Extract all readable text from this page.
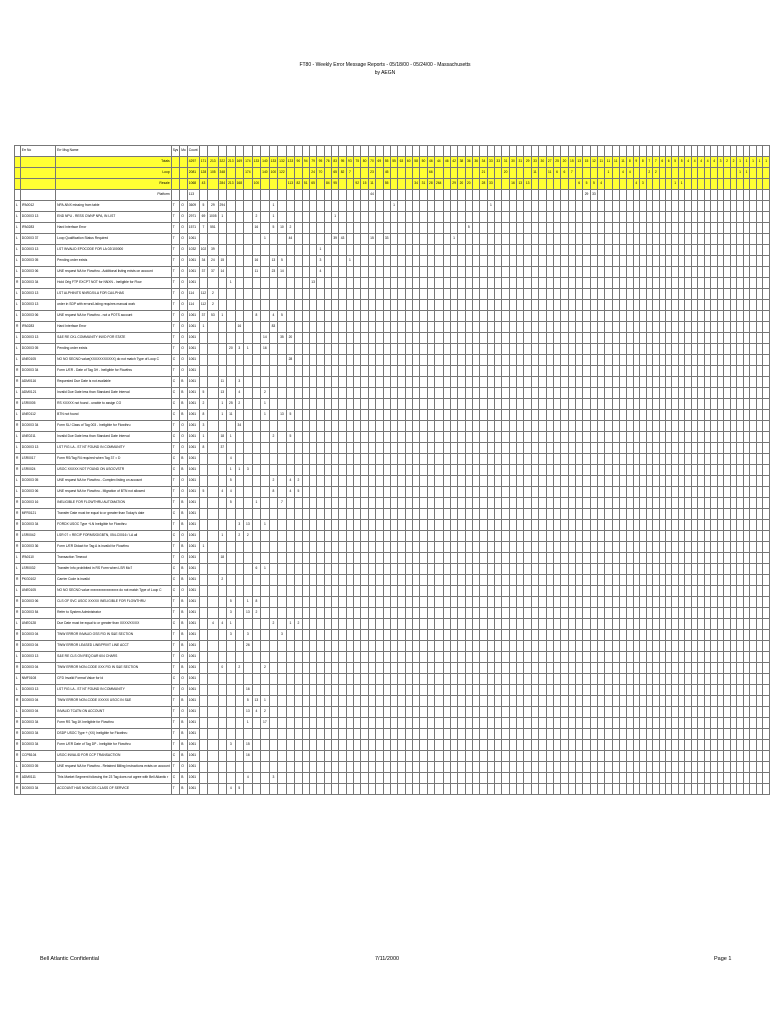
FT80 - Weekly Error Message Reports - 05/18/00 - 05/24/00 - Massachusetts
by AEGN
	Err No	Err Msg Name	Sys	Mo	Count																																																																														
		Totals			4297	171	213	322	213	169	174	133	140	133	132	133	90	94	79	95	76	83	95	93	75	80	70	69	55	55	63	60	58	50	46	44	46	42	38	36	36	34	33	33	31	30	31	29	33	30	27	25	20	15	13	15	12	11	11	11	11	8	9	8	7	7	6	6	5	5	4	4	4	4	4	3	2	2	1	1	1	1	1
		Loop			2081	128	105	348			174		140	100	122				24	70		65	82	7			23		45						66							21			20				11		11	6	6	7					1		4	4			2	2													1	1			
		Resale			1068	43		284	213	168		100				113	82	51	65		84	95			92	15	11		55				34	31	28	264		29	20	20		28	33			16	13	13							6	5	5	4					4	3					1	1													
		Platform			113																						44																													29	33																										
L	IPA0012	NPA-NNX missing from table	T	O	3609	5	29	294						1																1													1																																								
L	DC0003 13	END NPU - RESS CWNP NPA, IN LIST	T	O	2971	69	1005	1				2		1								1																																																													
L	IPA0283	Hard Interface Error	T	O	1571	7	551					16		5	10	2																								5																																											
L	DC0003 37	Loop Qualification Status Required	T	O	1061								1			44						39	43				15		33									1																																													
L	DC0003 13	LST INVALID EPOCODE FOR LA 02/100000	T	O	1032	102	39													1																																																															
L	DC0003 05	Pending order exists	T	O	1061	34	24	15				16		13	5					3				1																																																											
L	DC0003 06	UNE request NA for Flowthru - Additional listing exists on account	T	O	1061	37	37	14				11		23	14					4																																																															
R	DC0003 34	Hold Orig FTP EXCPT NOT for NNXN - Ineligible for Flow	T	O	1061				1										13																																																																
L	DC0003 13	LST ALPHINITS NNRC/0/LA FOR CA/LPHAS	T	O	114	112	2																																																																												
L	DC0003 13	order in SDP with errors/Listing requires manual work	T	O	114	112	2																																																																												
L	DC0003 06	UNE request NA for Flowthru - not a POTS account	T	O	1061	37	53	1				8		4	5																																																																				
R	IPA0283	Hard Interface Error	T	O	1061	1				16				83																																																																					
L	DC0003 13	S&E RE CKL COMMUNITY INVD FOR STATE	T	O	1061								14		35	20																																																																			
L	DC0003 05	Pending order exists	T	O	1061				20	3	1		16																																																																						
L	UNE0105	NO NO SECNO value(XXXXXXXXXXX) do not match Type of Loop C	C	O	1061											28																																																																			
R	DC0003 34	Form L/ER - Date of Tag 3H - Ineligible for Flowthru	T	O	1061																																																																														
R	ADM0116	Requested Due Date is not available	C	B	1061			11		3																																																																									
L	ADM0121	Invalid Due Date less than Standard Date Interval	C	B	1061	5		13		4			2																																																																						
R	LSR0005	RS XXXXX not found - unable to assign CO	C	B	1061	2		1	25	2			1																																																																						
L	UNE0112	BTN not found	C	B	1061	8		1	11				1		13	5																																																																			
R	DC0003 34	Form SL/ Class of Tag 003 - Ineligible for Flowthru	T	O	1061	3				34																																																																									
L	UNE0211	Invalid Due Date less than Standard Date Interval	C	O	1061	1		18	1					2		5																																																																			
L	DC0003 13	LST FIG LA - ST NT FOUND IN COMMUNITY	T	O	1061	8		37																																																																											
R	LSR0017	Form RS/Tag R4 required when Tag 37 = D	C	B	1061				4																																																																										
R	LSR0024	USOC XXXXX NOT FOUND ON USOCVSTR	C	B	1061				1	1	3																																																																								
L	DC0003 05	UNE request NA for Flowthru - Complex listing on account	T	O	1061				5					2		4	2																																																																		
L	DC0003 06	UNE request NA for Flowthru - Migration of BTN not allowed	T	O	1061	5		4	4					8		4	5																																																																		
R	DC0003 16	INELIGIBLE FOR FLOWTHRU AUTOMATION	T	B	1061				5			1			7																																																																				
R	MFR0121	Transfer Date must be equal to or greater than Today's date	C	B	1061																																																																														
R	DC0003 34	FORDX USOC Type +LN Ineligible for Flowthru	T	B	1061					3	13		1																																																																						
R	LSR0042	LSR 07 = RECIP FORMS/GIGBTN, 054-C0016 / LA all	C	O	1061			1		2	2																																																																								
R	DC0003 36	Form L/ER Didact for Tag A is invalid for Flowthru	T	B	1061	1																																																																													
L	IPA0110	Transaction Timeout	T	O	1061			18																																																																											
L	LSR0032	Transfer Info prohibited in RS Form when LSR Mo7	C	B	1061							6	1																																																																						
R	PKG0102	Carrier Code is invalid	C	B	1061			2																																																																											
L	UNE0105	NO NO SECNO value xxxxxxxxxxxxxxxxx do not match Type of Loop C	C	O	1061																																																																														
R	DC0003 06	CLS OF SVC USOC XXXXX INELIGIBLE FOR FLOWTHRU	T	B	1061				5		1	8																																																																							
R	DC0003 54	Refer to System Administrator	T	B	1061				3		13	2																																																																							
L	UNE0128	Due Date must be equal to or greater than XXXX/XX/XX	C	B	1061		4	4	1					2		1	2																																																																		
R	DC0003 04	TWW ERROR INVALID OSS FID IN S&E SECTION	T	B	1061				3		3				3																																																																				
R	DC0003 04	TWW ERROR LEASED LINE/PRIVT LINE ACCT	T	B	1061						26																																																																								
L	DC0003 13	S&E RE CLS ON REQ DAR 604 CHARS	T	O	1061																																																																														
R	DC0003 04	TWW ERROR NON-CODE XXX FID IN S&E SECTION	T	B	1061			0		2			2																																																																						
L	NMF0108	CFD Invalid Format Value for id	C	O	1061																																																																														
L	DC0003 13	LST FIG LA - ST NT FOUND IN COMMUNITY	T	O	1061						16																																																																								
R	DC0003 04	TWW ERROR NON-CODE XXXXX USOC IN S&E	T	B	1061						5	13	1																																																																						
L	DC0003 04	INVALID TCATN ON ACCOUNT	T	O	1061						13	4	2																																																																						
R	DC0003 34	Form RS Tag 1K Ineligible for Flowthru	T	B	1061						1		17																																																																						
R	DC0003 34	DSDP USOC Type + (XX) Ineligible for Flowthru	T	B	1061																																																																														
R	DC0003 34	Form L/ER Date of Tag DP - Ineligible for Flowthru	T	B	1061				3		15																																																																								
R	CCPB104	USOC INVALID FOR CCP TRANSACTION	C	B	1061						16																																																																								
L	DC0003 05	UNE request NA for Flowthru - Retained Billing Instructions exists on account	T	O	1061																																																																														
R	ADM0111	This Market Segment following the 23 Tag does not agree with Bell Atlantic r	C	B	1061						4			3																																																																					
R	DC0003 34	ACCOUNT HAS NONCOS CLASS OF SERVICE	T	B	1061				4	5																																																																									
Bell Atlantic Confidential	7/11/2000	Page 1
